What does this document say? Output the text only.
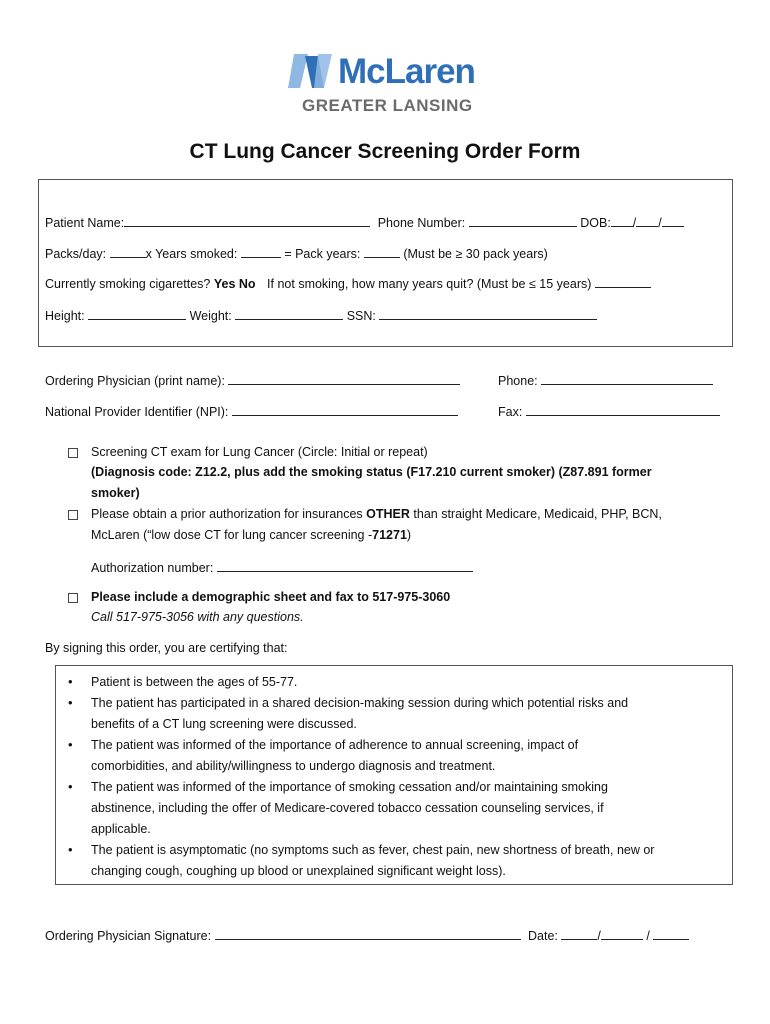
McLaren
GREATER LANSING
CT Lung Cancer Screening Order Form
Patient Name:	Phone Number:	DOB: / /
Packs/day:	x Years smoked:	= Pack years:	(Must be ≥ 30 pack years)
Currently smoking cigarettes? Yes No If not smoking, how many years quit? (Must be ≤ 15 years)
Height:	Weight:	SSN:
Ordering Physician (print name):	Phone:
National Provider Identifier (NPI):	Fax:
Screening CT exam for Lung Cancer (Circle: Initial or repeat)
(Diagnosis code: Z12.2, plus add the smoking status (F17.210 current smoker) (Z87.891 former
smoker)
Please obtain a prior authorization for insurances OTHER than straight Medicare, Medicaid, PHP, BCN,
McLaren (“low dose CT for lung cancer screening -71271)
Authorization number:
Please include a demographic sheet and fax to 517-975-3060
Call 517-975-3056 with any questions.
By signing this order, you are certifying that:
• Patient is between the ages of 55-77.
• The patient has participated in a shared decision-making session during which potential risks and
benefits of a CT lung screening were discussed.
• The patient was informed of the importance of adherence to annual screening, impact of
comorbidities, and ability/willingness to undergo diagnosis and treatment.
• The patient was informed of the importance of smoking cessation and/or maintaining smoking
abstinence, including the offer of Medicare-covered tobacco cessation counseling services, if
applicable.
• The patient is asymptomatic (no symptoms such as fever, chest pain, new shortness of breath, new or
changing cough, coughing up blood or unexplained significant weight loss).
Ordering Physician Signature:	Date:	/	/
